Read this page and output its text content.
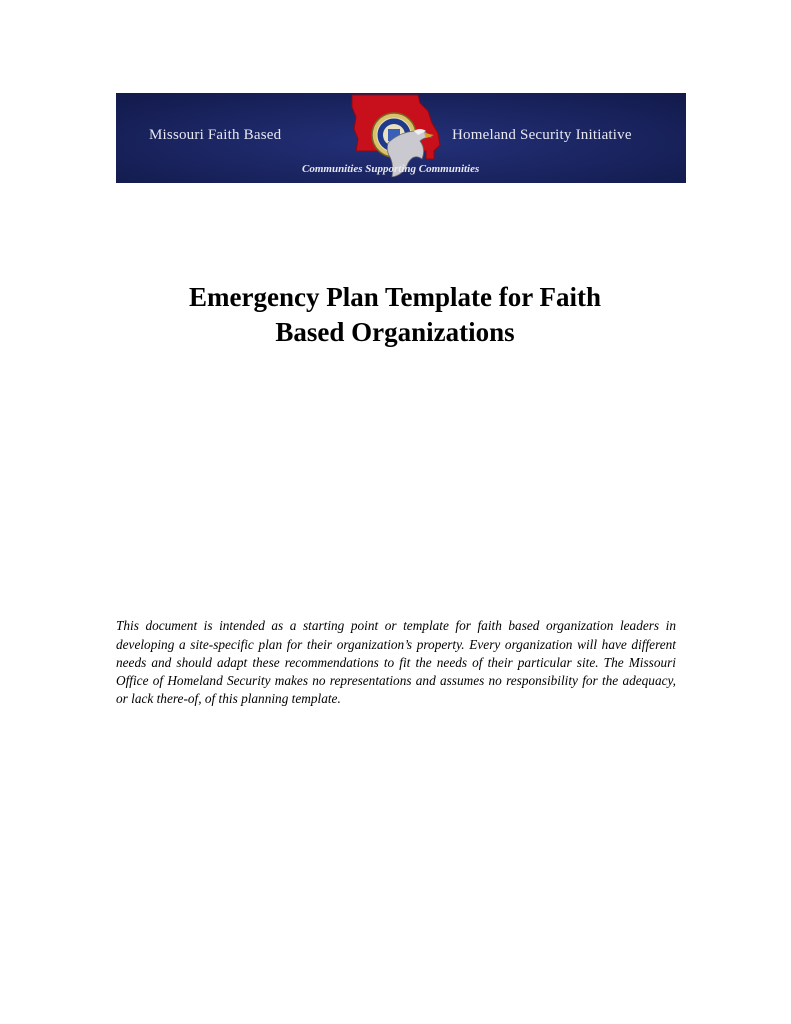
Missouri Faith Based	Homeland Security Initiative
Communities Supporting Communities
Emergency Plan Template for Faith
Based Organizations

This document is intended as a starting point or template for faith based organization leaders in developing a site-specific plan for their organization’s property. Every organization will have different needs and should adapt these recommendations to fit the needs of their particular site. The Missouri Office of Homeland Security makes no representations and assumes no responsibility for the adequacy, or lack there-of, of this planning template.
